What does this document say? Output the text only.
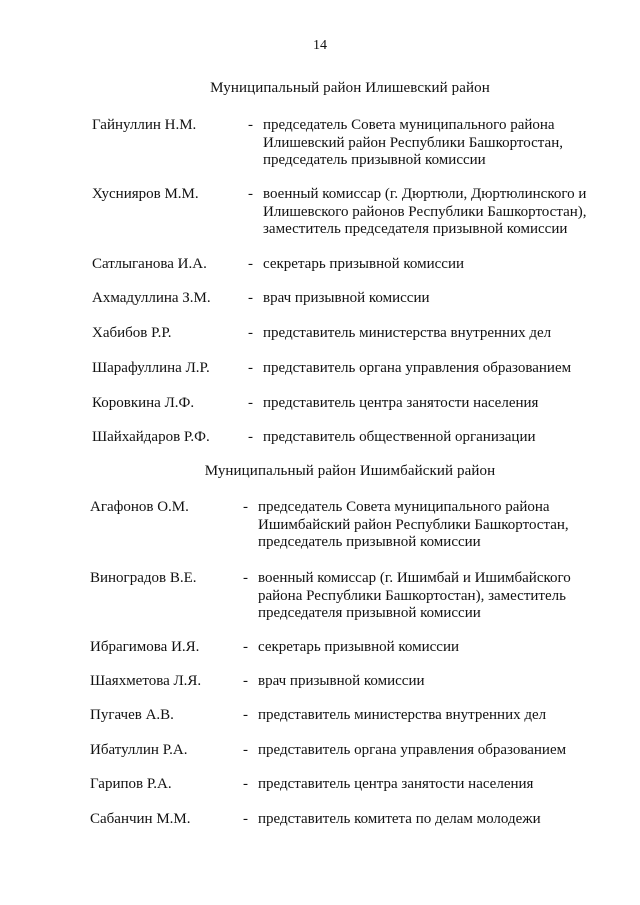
14
Муниципальный район Илишевский район
Гайнуллин Н.М.	- председатель Совета муниципального района
Илишевский район Республики Башкортостан,
председатель призывной комиссии
Хуснияров М.М.	- военный комиссар (г. Дюртюли, Дюртюлинского и
Илишевского районов Республики Башкортостан),
заместитель председателя призывной комиссии
Сатлыганова И.А.	- секретарь призывной комиссии
Ахмадуллина З.М. - врач призывной комиссии
Хабибов Р.Р.	- представитель министерства внутренних дел
Шарафуллина Л.Р.	- представитель органа управления образованием
Коровкина Л.Ф.	- представитель центра занятости населения
Шайхайдаров Р.Ф.	- представитель общественной организации
Муниципальный район Ишимбайский район
Агафонов О.М.	- председатель Совета муниципального района
Ишимбайский район Республики Башкортостан,
председатель призывной комиссии
Виноградов В.Е.	- военный комиссар (г. Ишимбай и Ишимбайского
района Республики Башкортостан), заместитель
председателя призывной комиссии
Ибрагимова И.Я.	- секретарь призывной комиссии
Шаяхметова Л.Я.	- врач призывной комиссии
Пугачев А.В.	- представитель министерства внутренних дел
Ибатуллин Р.А.	- представитель органа управления образованием
Гарипов Р.А.	- представитель центра занятости населения
Сабанчин М.М.	- представитель комитета по делам молодежи
